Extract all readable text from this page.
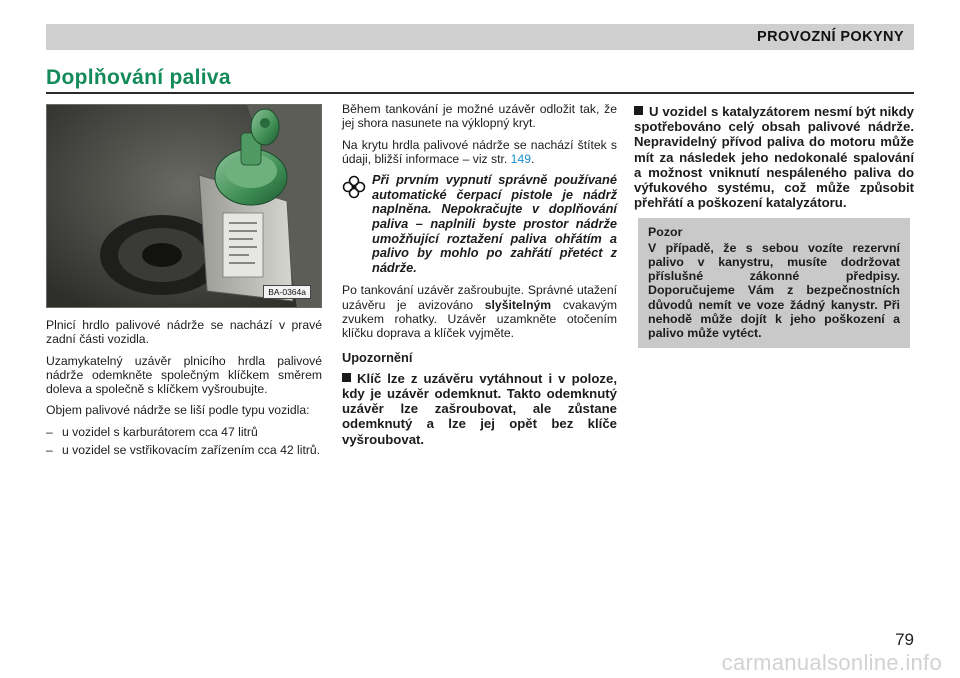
PROVOZNÍ POKYNY
Doplňování paliva
BA-0364a

Plnicí hrdlo palivové nádrže se nachází v pravé zadní části vozidla.

Uzamykatelný uzávěr plnicího hrdla palivové nádrže odemkněte společným klíčkem směrem doleva a společně s klíčkem vyšroubujte.

Objem palivové nádrže se liší podle typu vozidla:

– u vozidel s karburátorem cca 47 litrů
– u vozidel se vstřikovacím zařízením cca 42 litrů.

Během tankování je možné uzávěr odložit tak, že jej shora nasunete na výklopný kryt.

Na krytu hrdla palivové nádrže se nachází štítek s údaji, bližší informace – viz str. 149.

Při prvním vypnutí správně používané automatické čerpací pistole je nádrž naplněna. Nepokračujte v doplňování paliva – naplnili byste prostor nádrže umožňující roztažení paliva ohřátím a palivo by mohlo po zahřátí přetéct z nádrže.

Po tankování uzávěr zašroubujte. Správné utažení uzávěru je avizováno slyšitelným cvakavým zvukem rohatky. Uzávěr uzamkněte otočením klíčku doprava a klíček vyjměte.

Upozornění
Klíč lze z uzávěru vytáhnout i v poloze, kdy je uzávěr odemknut. Takto odemknutý uzávěr lze zašroubovat, ale zůstane odemknutý a lze jej opět bez klíče vyšroubovat.
U vozidel s katalyzátorem nesmí být nikdy spotřebováno celý obsah palivové nádrže. Nepravidelný přívod paliva do motoru může mít za následek jeho nedokonalé spalování a možnost vniknutí nespáleného paliva do výfukového systému, což může způsobit přehřátí a poškození katalyzátoru.
Pozor
V případě, že s sebou vozíte rezervní palivo v kanystru, musíte dodržovat příslušné zákonné předpisy. Doporučujeme Vám z bezpečnostních důvodů nemít ve voze žádný kanystr. Při nehodě může dojít k jeho poškození a palivo může vytéct.
79
carmanualsonline.info
